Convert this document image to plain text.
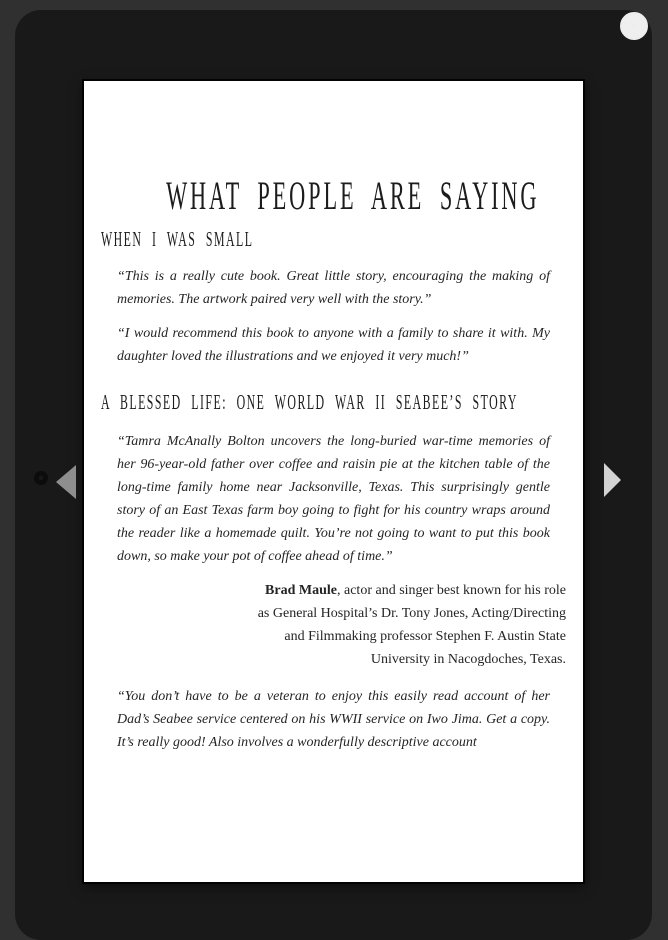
✕
WHAT PEOPLE ARE SAYING
WHEN I WAS SMALL
“This is a really cute book. Great little story, encouraging the making of memories. The artwork paired very well with the story.”
“I would recommend this book to anyone with a family to share it with. My daughter loved the illustrations and we enjoyed it very much!”
A BLESSED LIFE: ONE WORLD WAR II SEABEE’S STORY
“Tamra McAnally Bolton uncovers the long-buried war-time memories of her 96-year-old father over coffee and raisin pie at the kitchen table of the long-time family home near Jacksonville, Texas. This surprisingly gentle story of an East Texas farm boy going to fight for his country wraps around the reader like a homemade quilt. You’re not going to want to put this book down, so make your pot of coffee ahead of time.”
Brad Maule, actor and singer best known for his role as General Hospital’s Dr. Tony Jones, Acting/Directing and Filmmaking professor Stephen F. Austin State University in Nacogdoches, Texas.
“You don’t have to be a veteran to enjoy this easily read account of her Dad’s Seabee service centered on his WWII service on Iwo Jima. Get a copy. It’s really good! Also involves a wonderfully descriptive account
